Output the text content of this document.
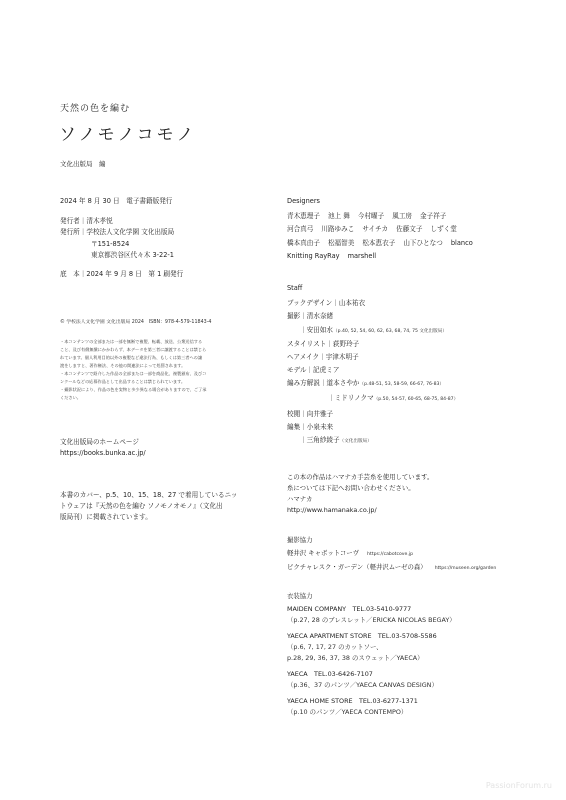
天然の色を編む
ソノモノコモノ
文化出版局　編
2024 年 8 月 30 日　電子書籍版発行
発行者 ｜ 清木孝悦
発行所 ｜ 学校法人文化学園 文化出版局
〒151-8524
東京都渋谷区代々木 3-22-1
底　本 ｜ 2024 年 9 月 8 日　第 1 刷発行
© 学校法人文化学園 文化出版局 2024　ISBN：978-4-579-11843-4
・本コンテンツの全部または一部を無断で複製、転載、放送、公衆送信する
こと、及び有償無償にかかわらず、本データを第三者に譲渡することは禁じら
れています。個人利用目的以外の複製など違法行為、もしくは第三者への譲
渡をしますと、著作権法、その他の関連法によって処罰されます。
・本コンテンツで紹介した作品の全部または一部を商品化、複製頒布、及びコ
ンクールなどの応募作品として出品することは禁じられています。
・撮影状況により、作品の色を実物と多少異なる場合がありますので、ご了承
ください。
文化出版局のホームページ
https://books.bunka.ac.jp/
本書のカバー、p.5、10、15、18、27 で着用しているニッ
トウェアは『天然の色を編む ソノモノオモノ』（文化出
版局刊）に掲載されています。
Designers
青木恵理子 池上 舞 今村曜子 風工房 金子祥子
河合真弓 川路ゆみこ サイチカ 佐藤文子 しずく堂
橋本真由子 松福智美 松本恵衣子 山下ひとなつ blanco
Knitting RayRay marshell
Staff
ブックデザイン｜山本祐衣
撮影｜清水奈緒
｜安田如水（p.40, 52, 54, 60, 62, 63, 68, 74, 75 文化出版局）
スタイリスト｜荻野玲子
ヘアメイク｜宇津木明子
モデル｜記虎ミア
編み方解説｜道本さやか（p.48-51, 53, 58-59, 66-67, 76-83）
｜ミドリノクマ（p.50, 54-57, 60-65, 68-75, 84-87）
校閲｜向井雅子
編集｜小泉未来
｜三角紗綾子（文化出版局）
この本の作品はハマナカ手芸糸を使用しています。
糸については下記へお問い合わせください。
ハマナカ
http://www.hamanaka.co.jp/
撮影協力
軽井沢 キャボットコーヴ https://cabotcove.jp
ピクチャレスク・ガーデン（軽井沢ムーゼの森） https://museen.org/garden
衣装協力
MAIDEN COMPANY　TEL.03-5410-9777
（p.27, 28 のブレスレット／ERICKA NICOLAS BEGAY）
YAECA APARTMENT STORE　TEL.03-5708-5586
（p.6, 7, 17, 27 のカットソー、
p.28, 29, 36, 37, 38 のスウェット／YAECA）
YAECA　TEL.03-6426-7107
（p.36、37 のパンツ／YAECA CANVAS DESIGN）
YAECA HOME STORE　TEL.03-6277-1371
（p.10 のパンツ／YAECA CONTEMPO）
PassionForum.ru
